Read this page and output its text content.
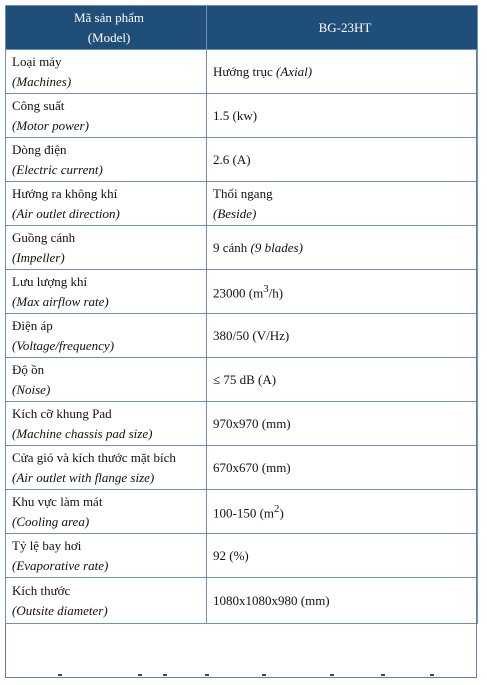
Mã sản phẩm
(Model)	BG-23HT

Loại máy
(Machines)	Hướng trục (Axial)

Công suất
(Motor power)	1.5 (kw)

Dòng điện
(Electric current)	2.6 (A)

Hướng ra không khí
(Air outlet direction)	Thổi ngang
(Beside)

Guồng cánh
(Impeller)	9 cánh (9 blades)

Lưu lượng khí
(Max airflow rate)	23000 $(m^3/h)$

Điện áp
(Voltage/frequency)	380/50 (V/Hz)

Độ ồn
(Noise)	≤ 75 dB (A)

Kích cỡ khung Pad
(Machine chassis pad size)	970x970 (mm)

Cửa gió và kích thước mặt bích
(Air outlet with flange size)	670x670 (mm)

Khu vực làm mát
(Cooling area)	100-150 $(m^2)$

Tỷ lệ bay hơi
(Evaporative rate)	92 (%)

Kích thước
(Outsite diameter)	1080x1080x980 (mm)
